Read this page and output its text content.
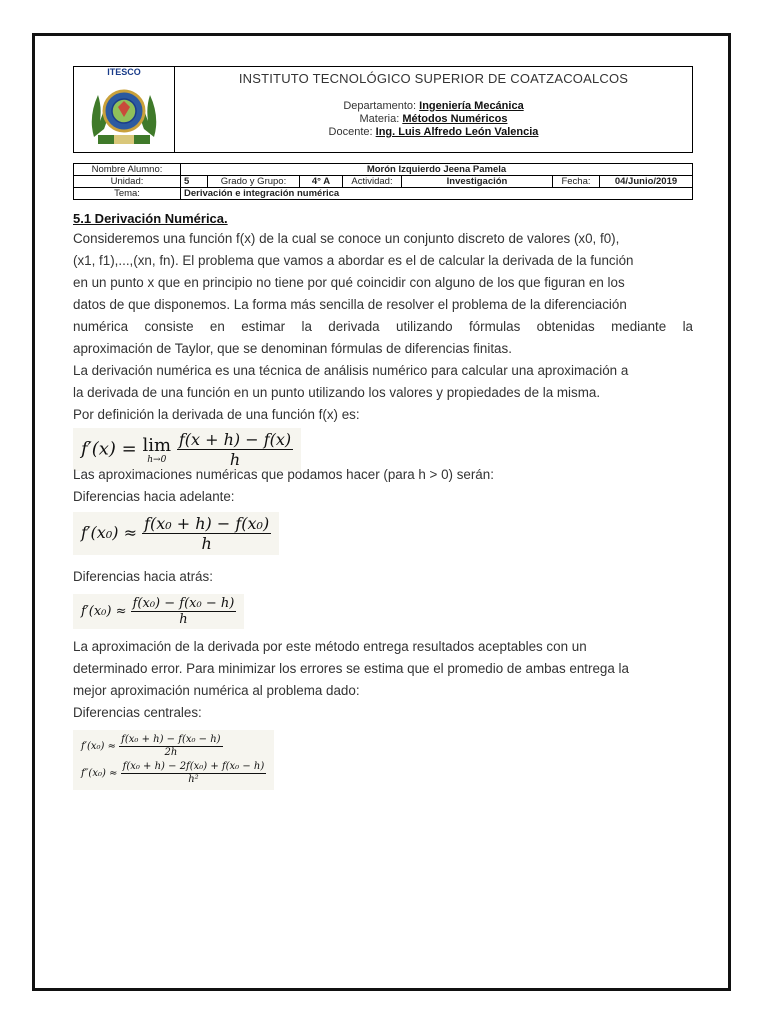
ITESCO	INSTITUTO TECNOLÓGICO SUPERIOR DE COATZACOALCOS
Departamento: Ingeniería Mecánica
Materia: Métodos Numéricos
Docente: Ing. Luis Alfredo León Valencia
Nombre Alumno:	Morón Izquierdo Jeena Pamela						
Unidad:	5	Grado y Grupo:	4° A	Actividad:	Investigación	Fecha:	04/Junio/2019
Tema:	Derivación e integración numérica						
5.1 Derivación Numérica.
Consideremos una función f(x) de la cual se conoce un conjunto discreto de valores (x0, f0),
(x1, f1),...,(xn, fn). El problema que vamos a abordar es el de calcular la derivada de la función
en un punto x que en principio no tiene por qué coincidir con alguno de los que figuran en los
datos de que disponemos. La forma más sencilla de resolver el problema de la diferenciación
numérica consiste en estimar la derivada utilizando fórmulas obtenidas mediante la
aproximación de Taylor, que se denominan fórmulas de diferencias finitas.
La derivación numérica es una técnica de análisis numérico para calcular una aproximación a
la derivada de una función en un punto utilizando los valores y propiedades de la misma.
Por definición la derivada de una función f(x) es:
f′(x) = lim
h→0
$\frac{f(x + h) - f(x)}{h}$
Las aproximaciones numéricas que podamos hacer (para h > 0) serán:
Diferencias hacia adelante:
$f'(x_0) \approx \frac{\text{f(x₀ + h) − f(x₀)}}{h}$
Diferencias hacia atrás:
$f'(x_0) \approx \frac{\text{f(x₀) − f(x₀ − h)}}{h}$
La aproximación de la derivada por este método entrega resultados aceptables con un
determinado error. Para minimizar los errores se estima que el promedio de ambas entrega la
mejor aproximación numérica al problema dado:
Diferencias centrales:
$f'(x_0) \approx \frac{\text{f(x₀ + h) − f(x₀ − h)}}{2h}$
$f''(x_0) \approx \frac{\text{f(x₀ + h) − 2f(x₀) + f(x₀ − h)}}{\text{h²}}$
